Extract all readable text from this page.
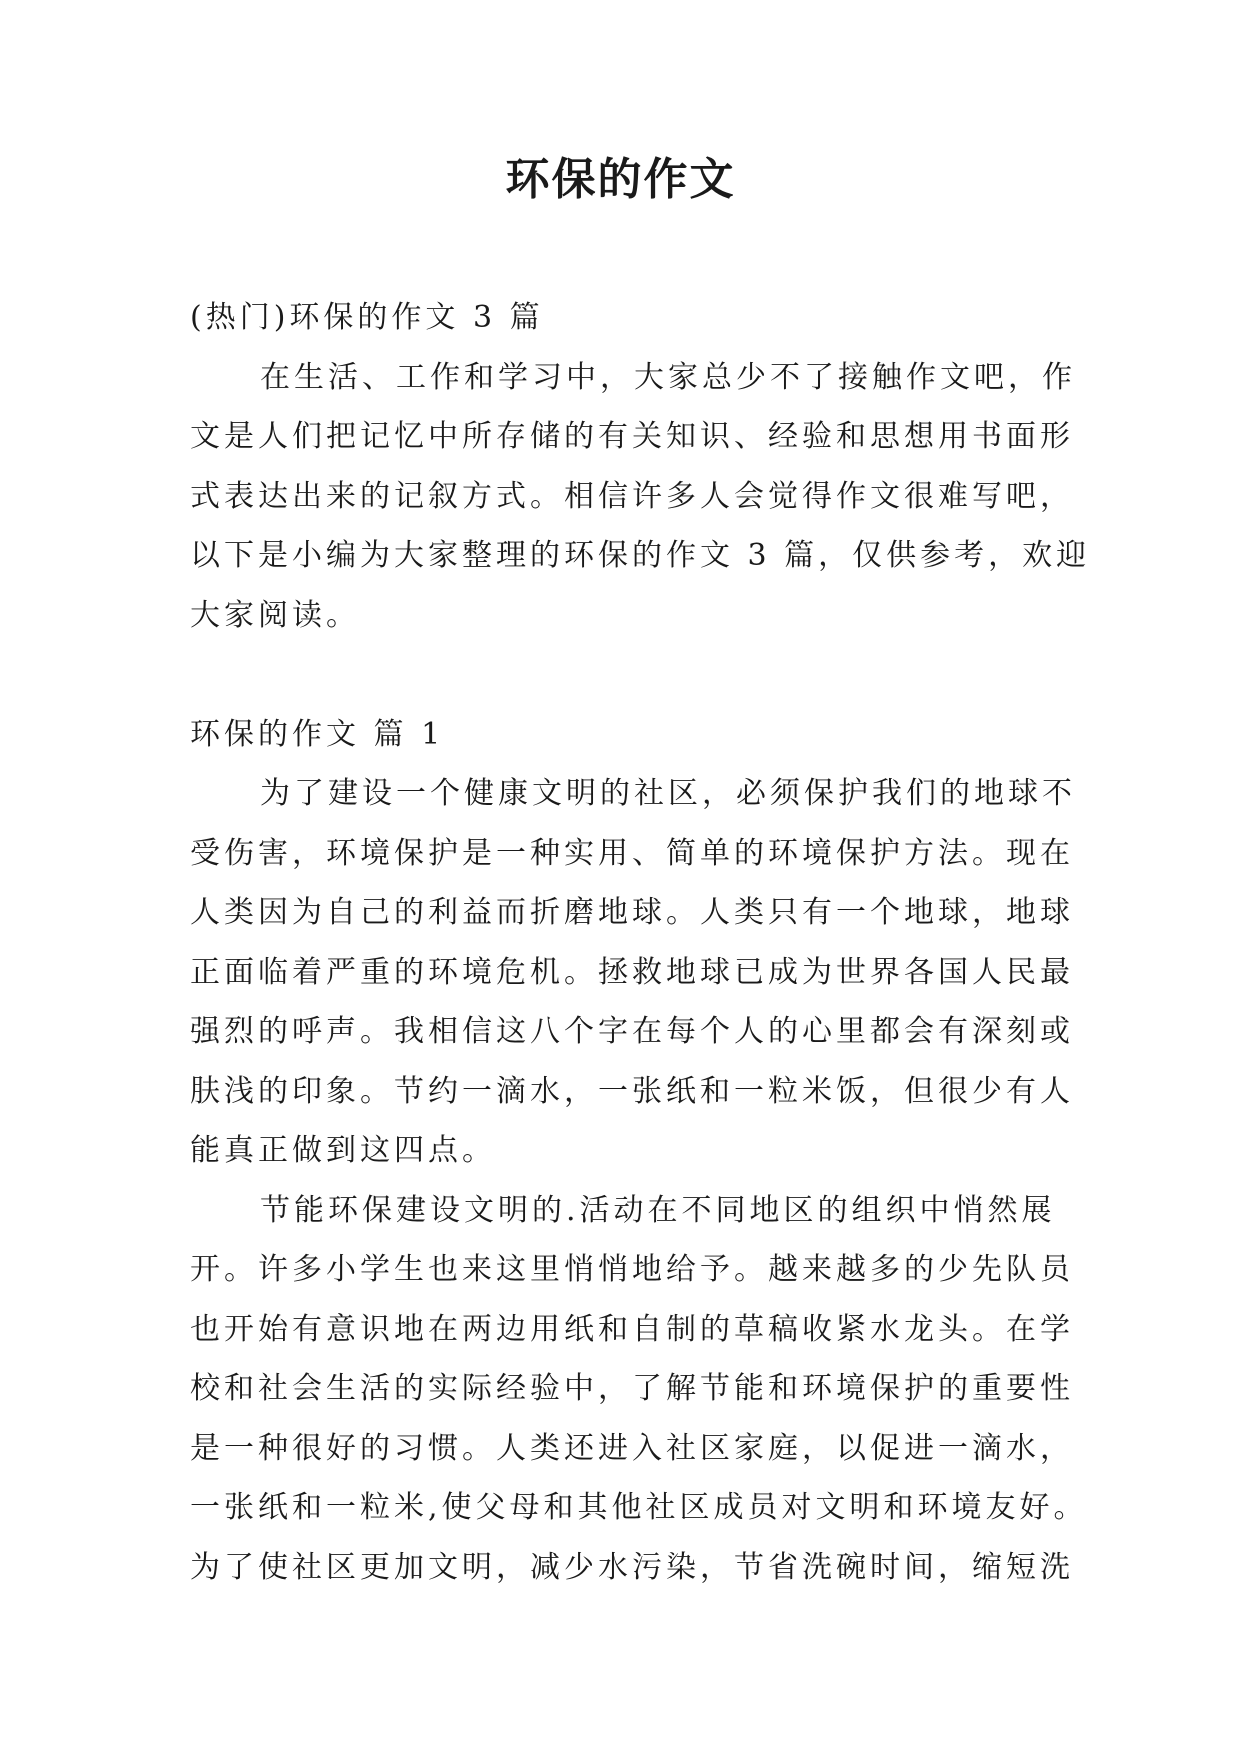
环保的作文
(热门)环保的作文 3 篇
在生活、工作和学习中，大家总少不了接触作文吧，作
文是人们把记忆中所存储的有关知识、经验和思想用书面形
式表达出来的记叙方式。相信许多人会觉得作文很难写吧，
以下是小编为大家整理的环保的作文 3 篇，仅供参考，欢迎
大家阅读。
环保的作文 篇 1
为了建设一个健康文明的社区，必须保护我们的地球不
受伤害，环境保护是一种实用、简单的环境保护方法。现在
人类因为自己的利益而折磨地球。人类只有一个地球，地球
正面临着严重的环境危机。拯救地球已成为世界各国人民最
强烈的呼声。我相信这八个字在每个人的心里都会有深刻或
肤浅的印象。节约一滴水，一张纸和一粒米饭，但很少有人
能真正做到这四点。
节能环保建设文明的.活动在不同地区的组织中悄然展
开。许多小学生也来这里悄悄地给予。越来越多的少先队员
也开始有意识地在两边用纸和自制的草稿收紧水龙头。在学
校和社会生活的实际经验中，了解节能和环境保护的重要性
是一种很好的习惯。人类还进入社区家庭，以促进一滴水，
一张纸和一粒米,使父母和其他社区成员对文明和环境友好。
为了使社区更加文明，减少水污染，节省洗碗时间，缩短洗
